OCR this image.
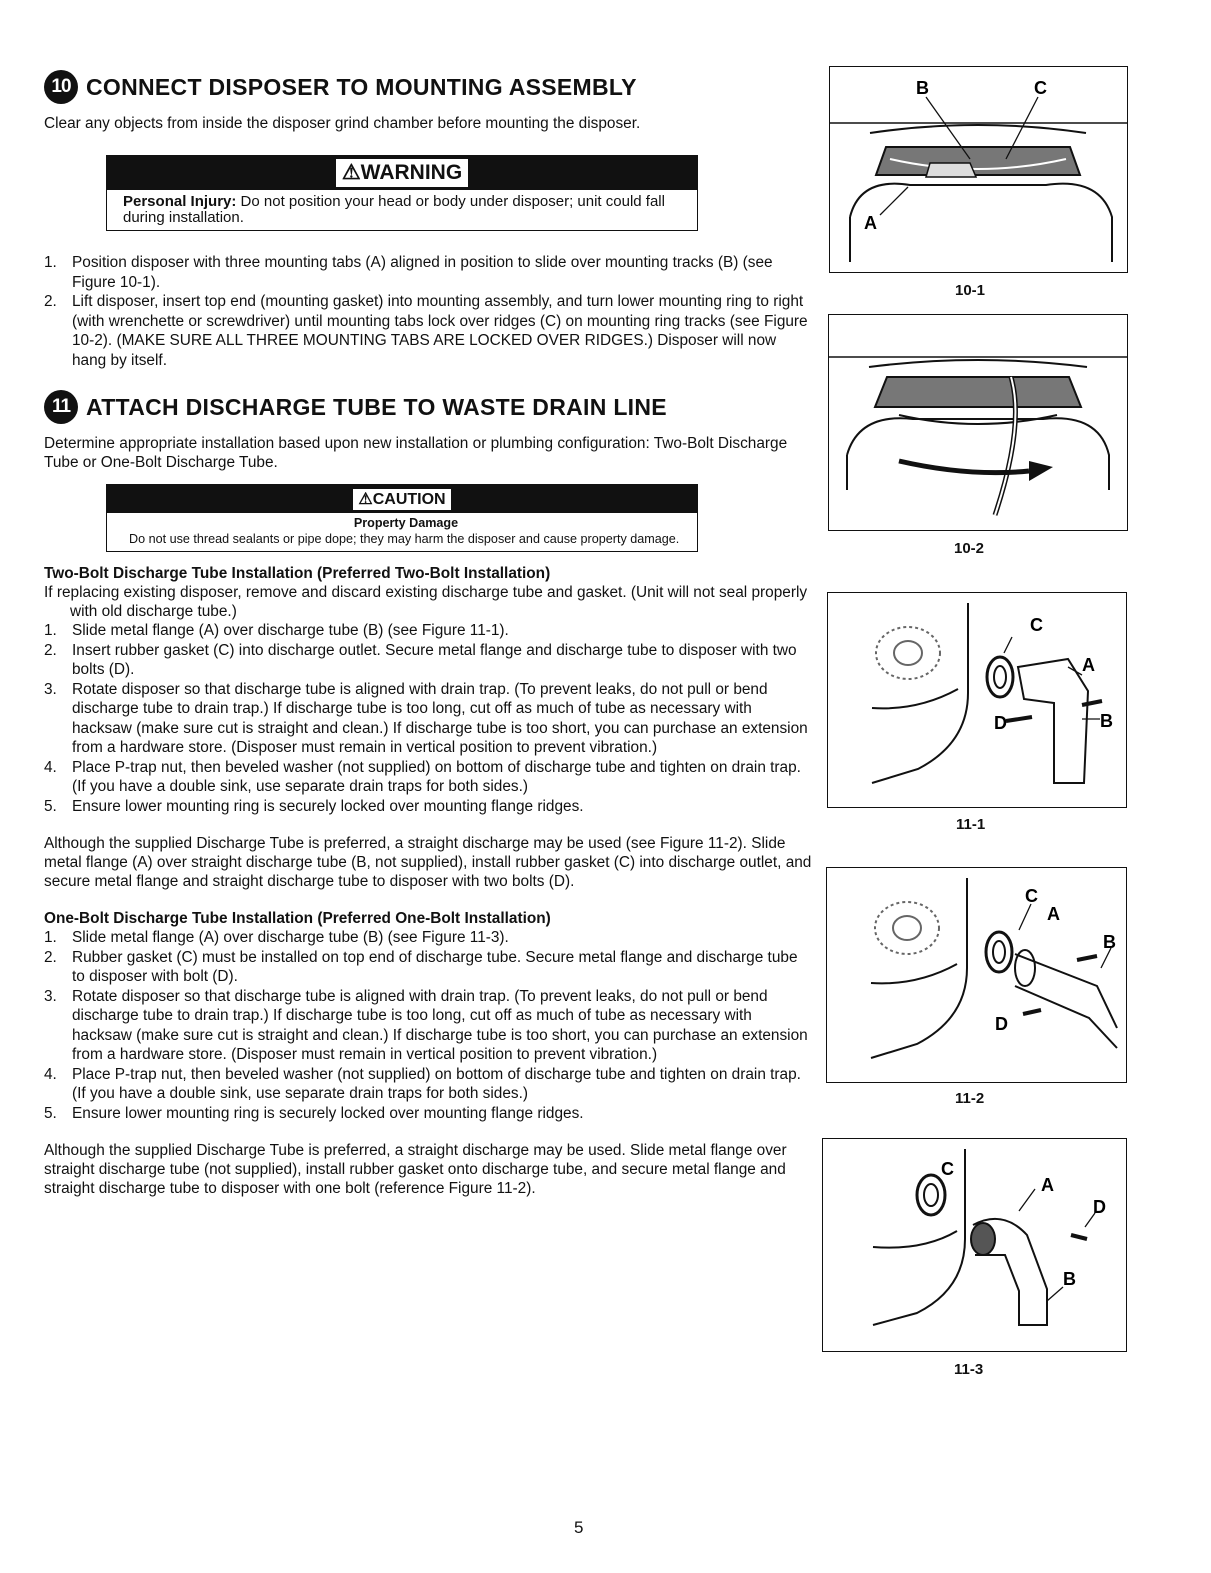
10 CONNECT DISPOSER TO MOUNTING ASSEMBLY

Clear any objects from inside the disposer grind chamber before mounting the disposer.

⚠WARNING
Personal Injury: Do not position your head or body under disposer; unit could fall during installation.
1. Position disposer with three mounting tabs (A) aligned in position to slide over mounting tracks (B) (see Figure 10-1).
2. Lift disposer, insert top end (mounting gasket) into mounting assembly, and turn lower mounting ring to right (with wrenchette or screwdriver) until mounting tabs lock over ridges (C) on mounting ring tracks (see Figure 10-2). (MAKE SURE ALL THREE MOUNTING TABS ARE LOCKED OVER RIDGES.) Disposer will now hang by itself.
11 ATTACH DISCHARGE TUBE TO WASTE DRAIN LINE

Determine appropriate installation based upon new installation or plumbing configuration: Two-Bolt Discharge Tube or One-Bolt Discharge Tube.

⚠CAUTION
Property Damage
Do not use thread sealants or pipe dope; they may harm the disposer and cause property damage.

Two-Bolt Discharge Tube Installation (Preferred Two-Bolt Installation)

If replacing existing disposer, remove and discard existing discharge tube and gasket. (Unit will not seal properly with old discharge tube.)

1. Slide metal flange (A) over discharge tube (B) (see Figure 11-1).
2. Insert rubber gasket (C) into discharge outlet. Secure metal flange and discharge tube to disposer with two bolts (D).
3. Rotate disposer so that discharge tube is aligned with drain trap. (To prevent leaks, do not pull or bend discharge tube to drain trap.) If discharge tube is too long, cut off as much of tube as necessary with hacksaw (make sure cut is straight and clean.) If discharge tube is too short, you can purchase an extension from a hardware store. (Disposer must remain in vertical position to prevent vibration.)
4. Place P-trap nut, then beveled washer (not supplied) on bottom of discharge tube and tighten on drain trap. (If you have a double sink, use separate drain traps for both sides.)
5. Ensure lower mounting ring is securely locked over mounting flange ridges.

Although the supplied Discharge Tube is preferred, a straight discharge may be used (see Figure 11-2). Slide metal flange (A) over straight discharge tube (B, not supplied), install rubber gasket (C) into discharge outlet, and secure metal flange and straight discharge tube to disposer with two bolts (D).

One-Bolt Discharge Tube Installation (Preferred One-Bolt Installation)

1. Slide metal flange (A) over discharge tube (B) (see Figure 11-3).
2. Rubber gasket (C) must be installed on top end of discharge tube. Secure metal flange and discharge tube to disposer with bolt (D).
3. Rotate disposer so that discharge tube is aligned with drain trap. (To prevent leaks, do not pull or bend discharge tube to drain trap.) If discharge tube is too long, cut off as much of tube as necessary with hacksaw (make sure cut is straight and clean.) If discharge tube is too short, you can purchase an extension from a hardware store. (Disposer must remain in vertical position to prevent vibration.)
4. Place P-trap nut, then beveled washer (not supplied) on bottom of discharge tube and tighten on drain trap. (If you have a double sink, use separate drain traps for both sides.)
5. Ensure lower mounting ring is securely locked over mounting flange ridges.

Although the supplied Discharge Tube is preferred, a straight discharge may be used. Slide metal flange over straight discharge tube (not supplied), install rubber gasket onto discharge tube, and secure metal flange and straight discharge tube to disposer with one bolt (reference Figure 11-2).

B	C
A
10-1
10-2
C
A
B
D
11-1
C
A
B
D
11-2
C
A
D
B
11-3
5
